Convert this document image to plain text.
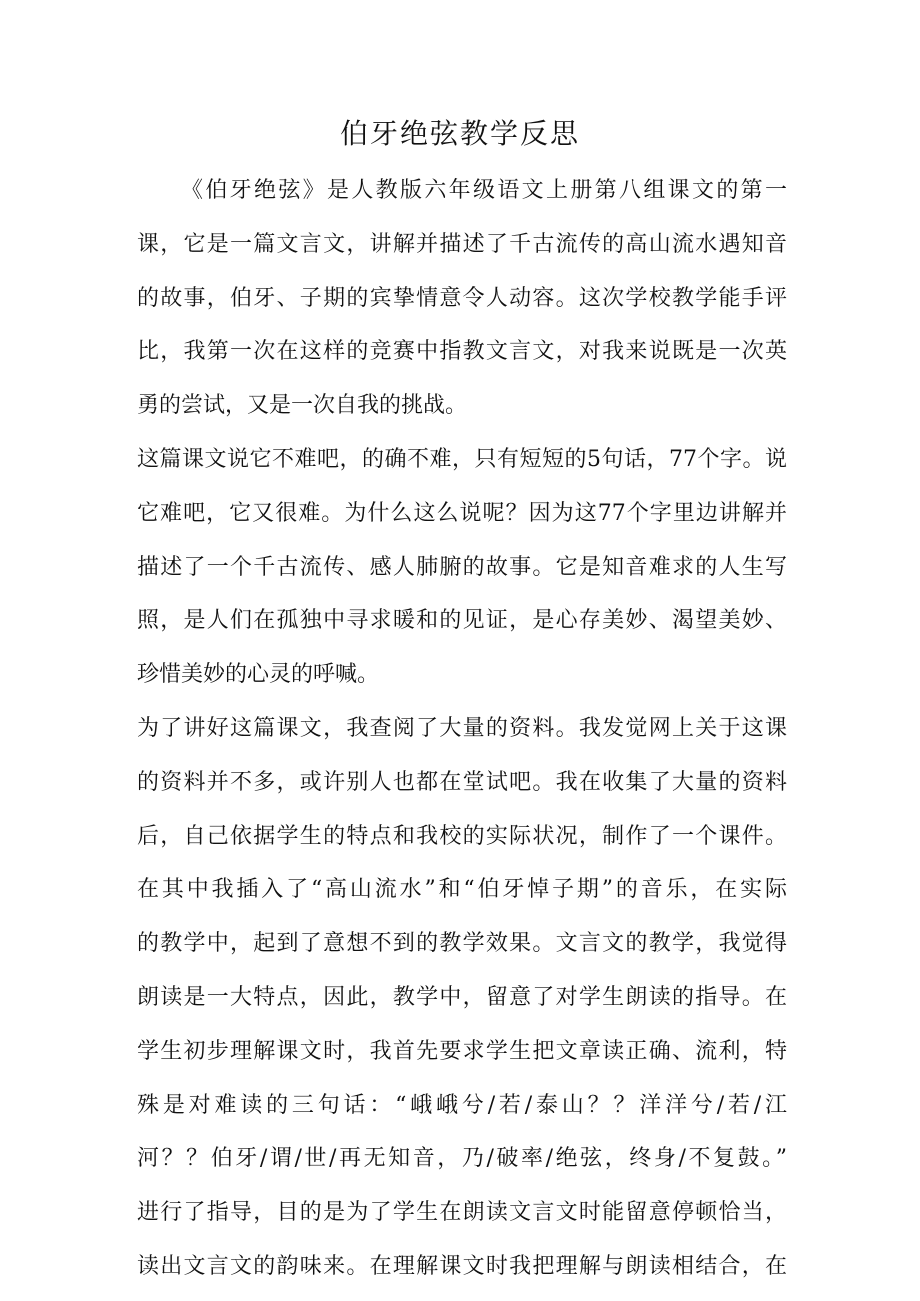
伯牙绝弦教学反思
《伯牙绝弦》是人教版六年级语文上册第八组课文的第一
课，它是一篇文言文，讲解并描述了千古流传的高山流水遇知音
的故事，伯牙、子期的宾挚情意令人动容。这次学校教学能手评
比，我第一次在这样的竞赛中指教文言文，对我来说既是一次英
勇的尝试，又是一次自我的挑战。
这篇课文说它不难吧，的确不难，只有短短的5句话，77个字。说
它难吧，它又很难。为什么这么说呢？因为这77个字里边讲解并
描述了一个千古流传、感人肺腑的故事。它是知音难求的人生写
照，是人们在孤独中寻求暖和的见证，是心存美妙、渴望美妙、
珍惜美妙的心灵的呼喊。
为了讲好这篇课文，我查阅了大量的资料。我发觉网上关于这课
的资料并不多，或许别人也都在堂试吧。我在收集了大量的资料
后，自己依据学生的特点和我校的实际状况，制作了一个课件。
在其中我插入了“高山流水”和“伯牙悼子期”的音乐，在实际
的教学中，起到了意想不到的教学效果。文言文的教学，我觉得
朗读是一大特点，因此，教学中，留意了对学生朗读的指导。在
学生初步理解课文时，我首先要求学生把文章读正确、流利，特
殊是对难读的三句话：“峨峨兮/若/泰山？？洋洋兮/若/江
河？？伯牙/谓/世/再无知音，乃/破率/绝弦，终身/不复鼓。”
进行了指导，目的是为了学生在朗读文言文时能留意停顿恰当，
读出文言文的韵味来。在理解课文时我把理解与朗读相结合，在
